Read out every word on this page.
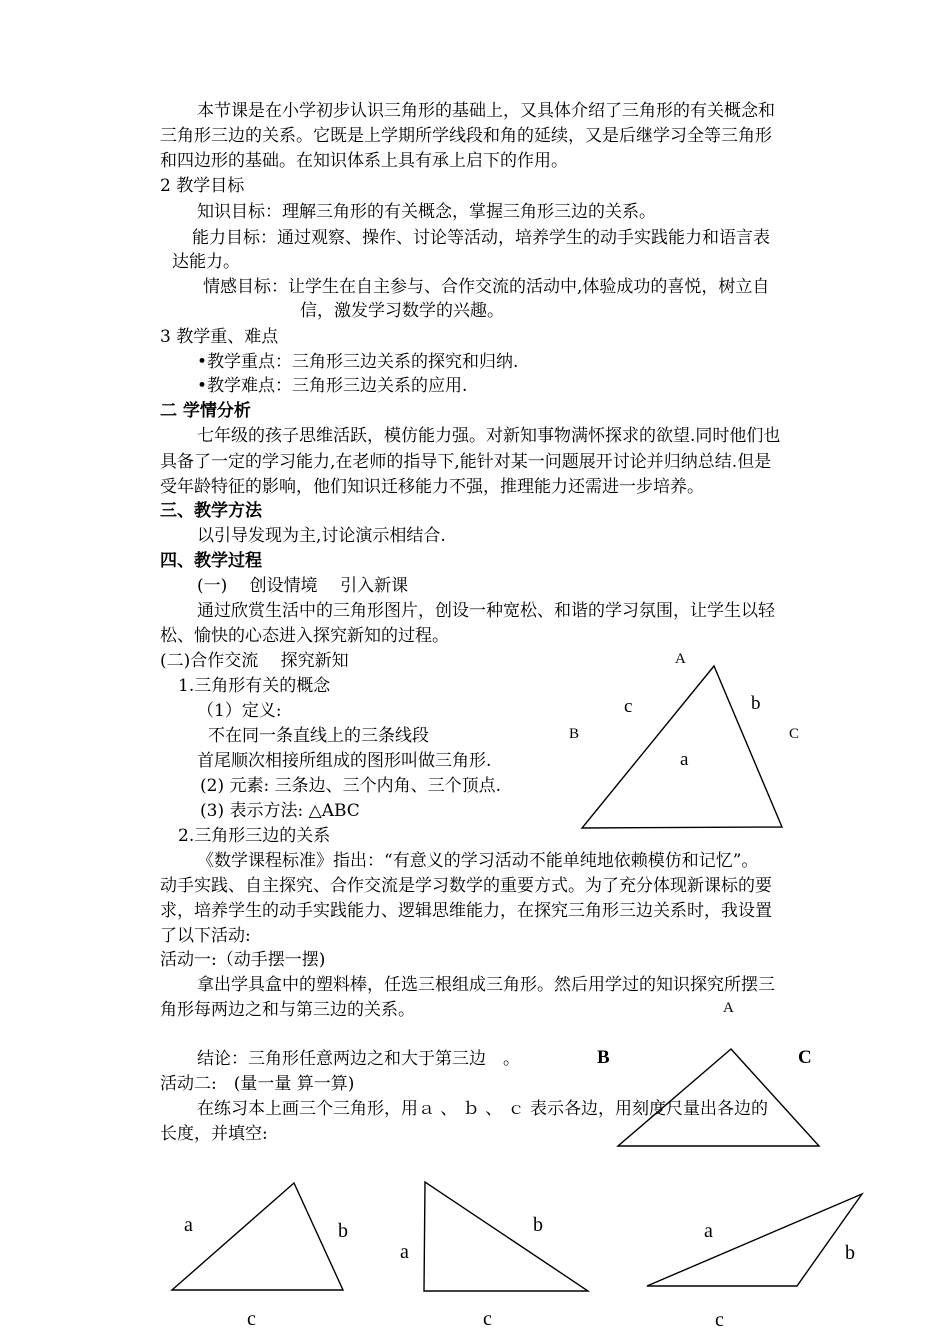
本节课是在小学初步认识三角形的基础上，又具体介绍了三角形的有关概念和
三角形三边的关系。它既是上学期所学线段和角的延续，又是后继学习全等三角形
和四边形的基础。在知识体系上具有承上启下的作用。
2 教学目标
知识目标：理解三角形的有关概念，掌握三角形三边的关系。
能力目标：通过观察、操作、讨论等活动，培养学生的动手实践能力和语言表
达能力。
情感目标：让学生在自主参与、合作交流的活动中,体验成功的喜悦，树立自
信，激发学习数学的兴趣。
3 教学重、难点
•教学重点：三角形三边关系的探究和归纳.
•教学难点：三角形三边关系的应用.
二 学情分析
七年级的孩子思维活跃，模仿能力强。对新知事物满怀探求的欲望.同时他们也
具备了一定的学习能力,在老师的指导下,能针对某一问题展开讨论并归纳总结.但是
受年龄特征的影响，他们知识迁移能力不强，推理能力还需进一步培养。
三、教学方法
以引导发现为主,讨论演示相结合.
四、教学过程
(一)　 创设情境　 引入新课
通过欣赏生活中的三角形图片，创设一种宽松、和谐的学习氛围，让学生以轻
松、愉快的心态进入探究新知的过程。
(二)合作交流　 探究新知
1.三角形有关的概念
（1）定义:
不在同一条直线上的三条线段
首尾顺次相接所组成的图形叫做三角形.
(2) 元素: 三条边、三个内角、三个顶点.
(3) 表示方法: △ABC
2.三角形三边的关系
《数学课程标准》指出：“有意义的学习活动不能单纯地依赖模仿和记忆”。
动手实践、自主探究、合作交流是学习数学的重要方式。为了充分体现新课标的要
求，培养学生的动手实践能力、逻辑思维能力，在探究三角形三边关系时，我设置
了以下活动:
活动一:（动手摆一摆)
拿出学具盒中的塑料棒，任选三根组成三角形。然后用学过的知识探究所摆三
角形每两边之和与第三边的关系。
结论：三角形任意两边之和大于第三边　。
活动二:　(量一量 算一算)
在练习本上画三个三角形，用ａ 、 ｂ 、 ｃ 表示各边，用刻度尺量出各边的
长度，并填空:
A
B	C
c	b
a
A
B	C
a	b
c
a
b
c
a
b
c
